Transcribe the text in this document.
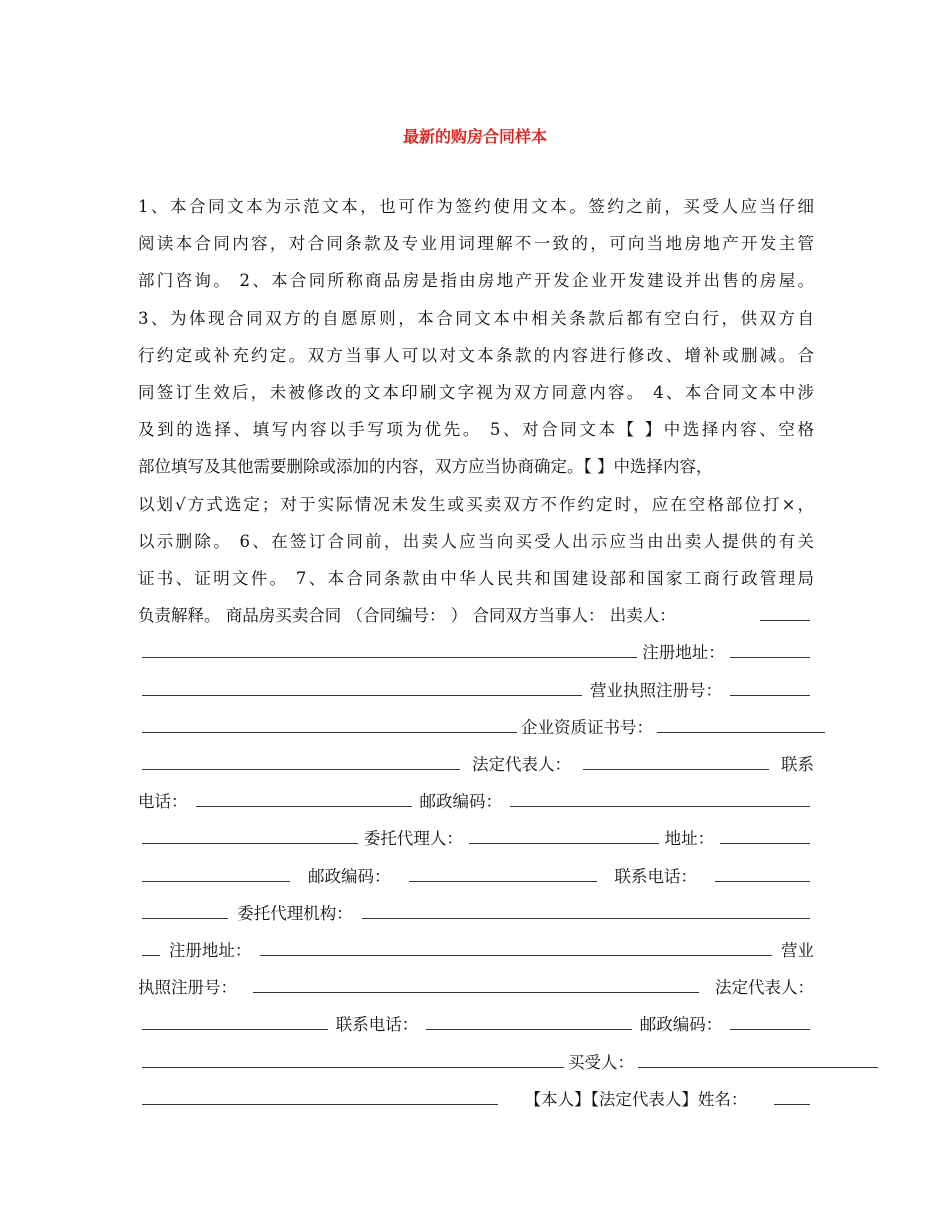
最新的购房合同样本
1、本合同文本为示范文本，也可作为签约使用文本。签约之前，买受人应当仔细
阅读本合同内容，对合同条款及专业用词理解不一致的，可向当地房地产开发主管
部门咨询。 2、本合同所称商品房是指由房地产开发企业开发建设并出售的房屋。
3、为体现合同双方的自愿原则，本合同文本中相关条款后都有空白行，供双方自
行约定或补充约定。双方当事人可以对文本条款的内容进行修改、增补或删减。合
同签订生效后，未被修改的文本印刷文字视为双方同意内容。 4、本合同文本中涉
及到的选择、填写内容以手写项为优先。 5、对合同文本【 】中选择内容、空格
部位填写及其他需要删除或添加的内容，双方应当协商确定。【 】中选择内容，
以划√方式选定；对于实际情况未发生或买卖双方不作约定时，应在空格部位打×，
以示删除。 6、在签订合同前，出卖人应当向买受人出示应当由出卖人提供的有关
证书、证明文件。 7、本合同条款由中华人民共和国建设部和国家工商行政管理局
负责解释。 商品房买卖合同 （合同编号： ） 合同双方当事人： 出卖人：
注册地址：
营业执照注册号：
企业资质证书号：
法定代表人：	联系
电话：	邮政编码：
委托代理人：	地址：
邮政编码：	联系电话：
委托代理机构：
注册地址：	营业
执照注册号：	法定代表人：
联系电话：	邮政编码：
买受人：
【本人】【法定代表人】姓名：
